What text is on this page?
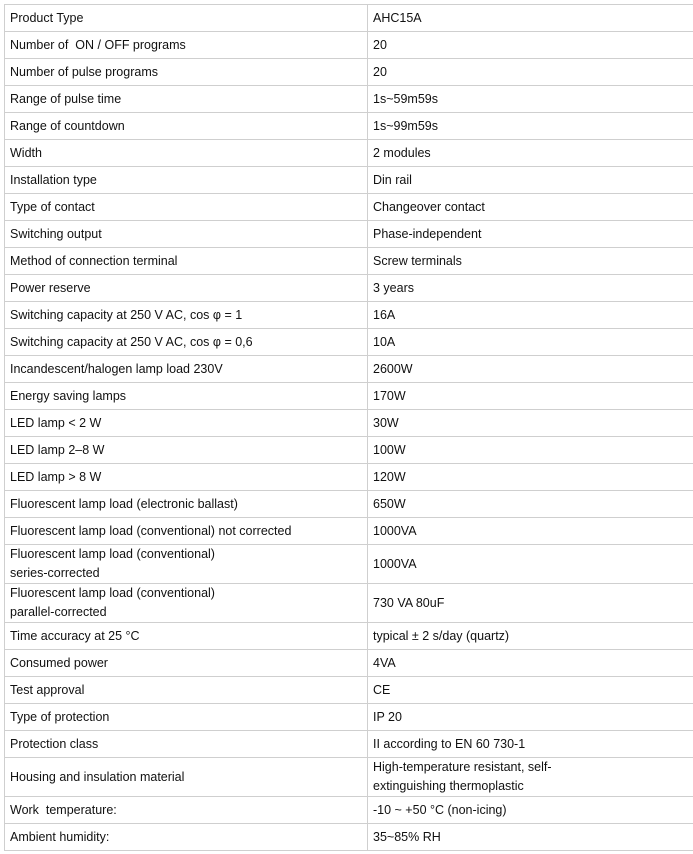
Product Type	AHC15A
Number of  ON / OFF programs	20
Number of pulse programs	20
Range of pulse time	1s~59m59s
Range of countdown	1s~99m59s
Width	2 modules
Installation type	Din rail
Type of contact	Changeover contact
Switching output	Phase-independent
Method of connection terminal	Screw terminals
Power reserve	3 years
Switching capacity at 250 V AC, cos φ = 1	16A
Switching capacity at 250 V AC, cos φ = 0,6	10A
Incandescent/halogen lamp load 230V	2600W
Energy saving lamps	170W
LED lamp < 2 W	30W
LED lamp 2–8 W	100W
LED lamp > 8 W	120W
Fluorescent lamp load (electronic ballast)	650W
Fluorescent lamp load (conventional) not corrected	1000VA

Fluorescent lamp load (conventional)
series-corrected	1000VA

Fluorescent lamp load (conventional)
parallel-corrected	730 VA 80uF
Time accuracy at 25 °C	typical ± 2 s/day (quartz)
Consumed power	4VA
Test approval	CE
Type of protection	IP 20
Protection class	II according to EN 60 730-1
Housing and insulation material	High-temperature resistant, self-
extinguishing thermoplastic

Work  temperature:	-10 ~ +50 °C (non-icing)
Ambient humidity:	35~85% RH
